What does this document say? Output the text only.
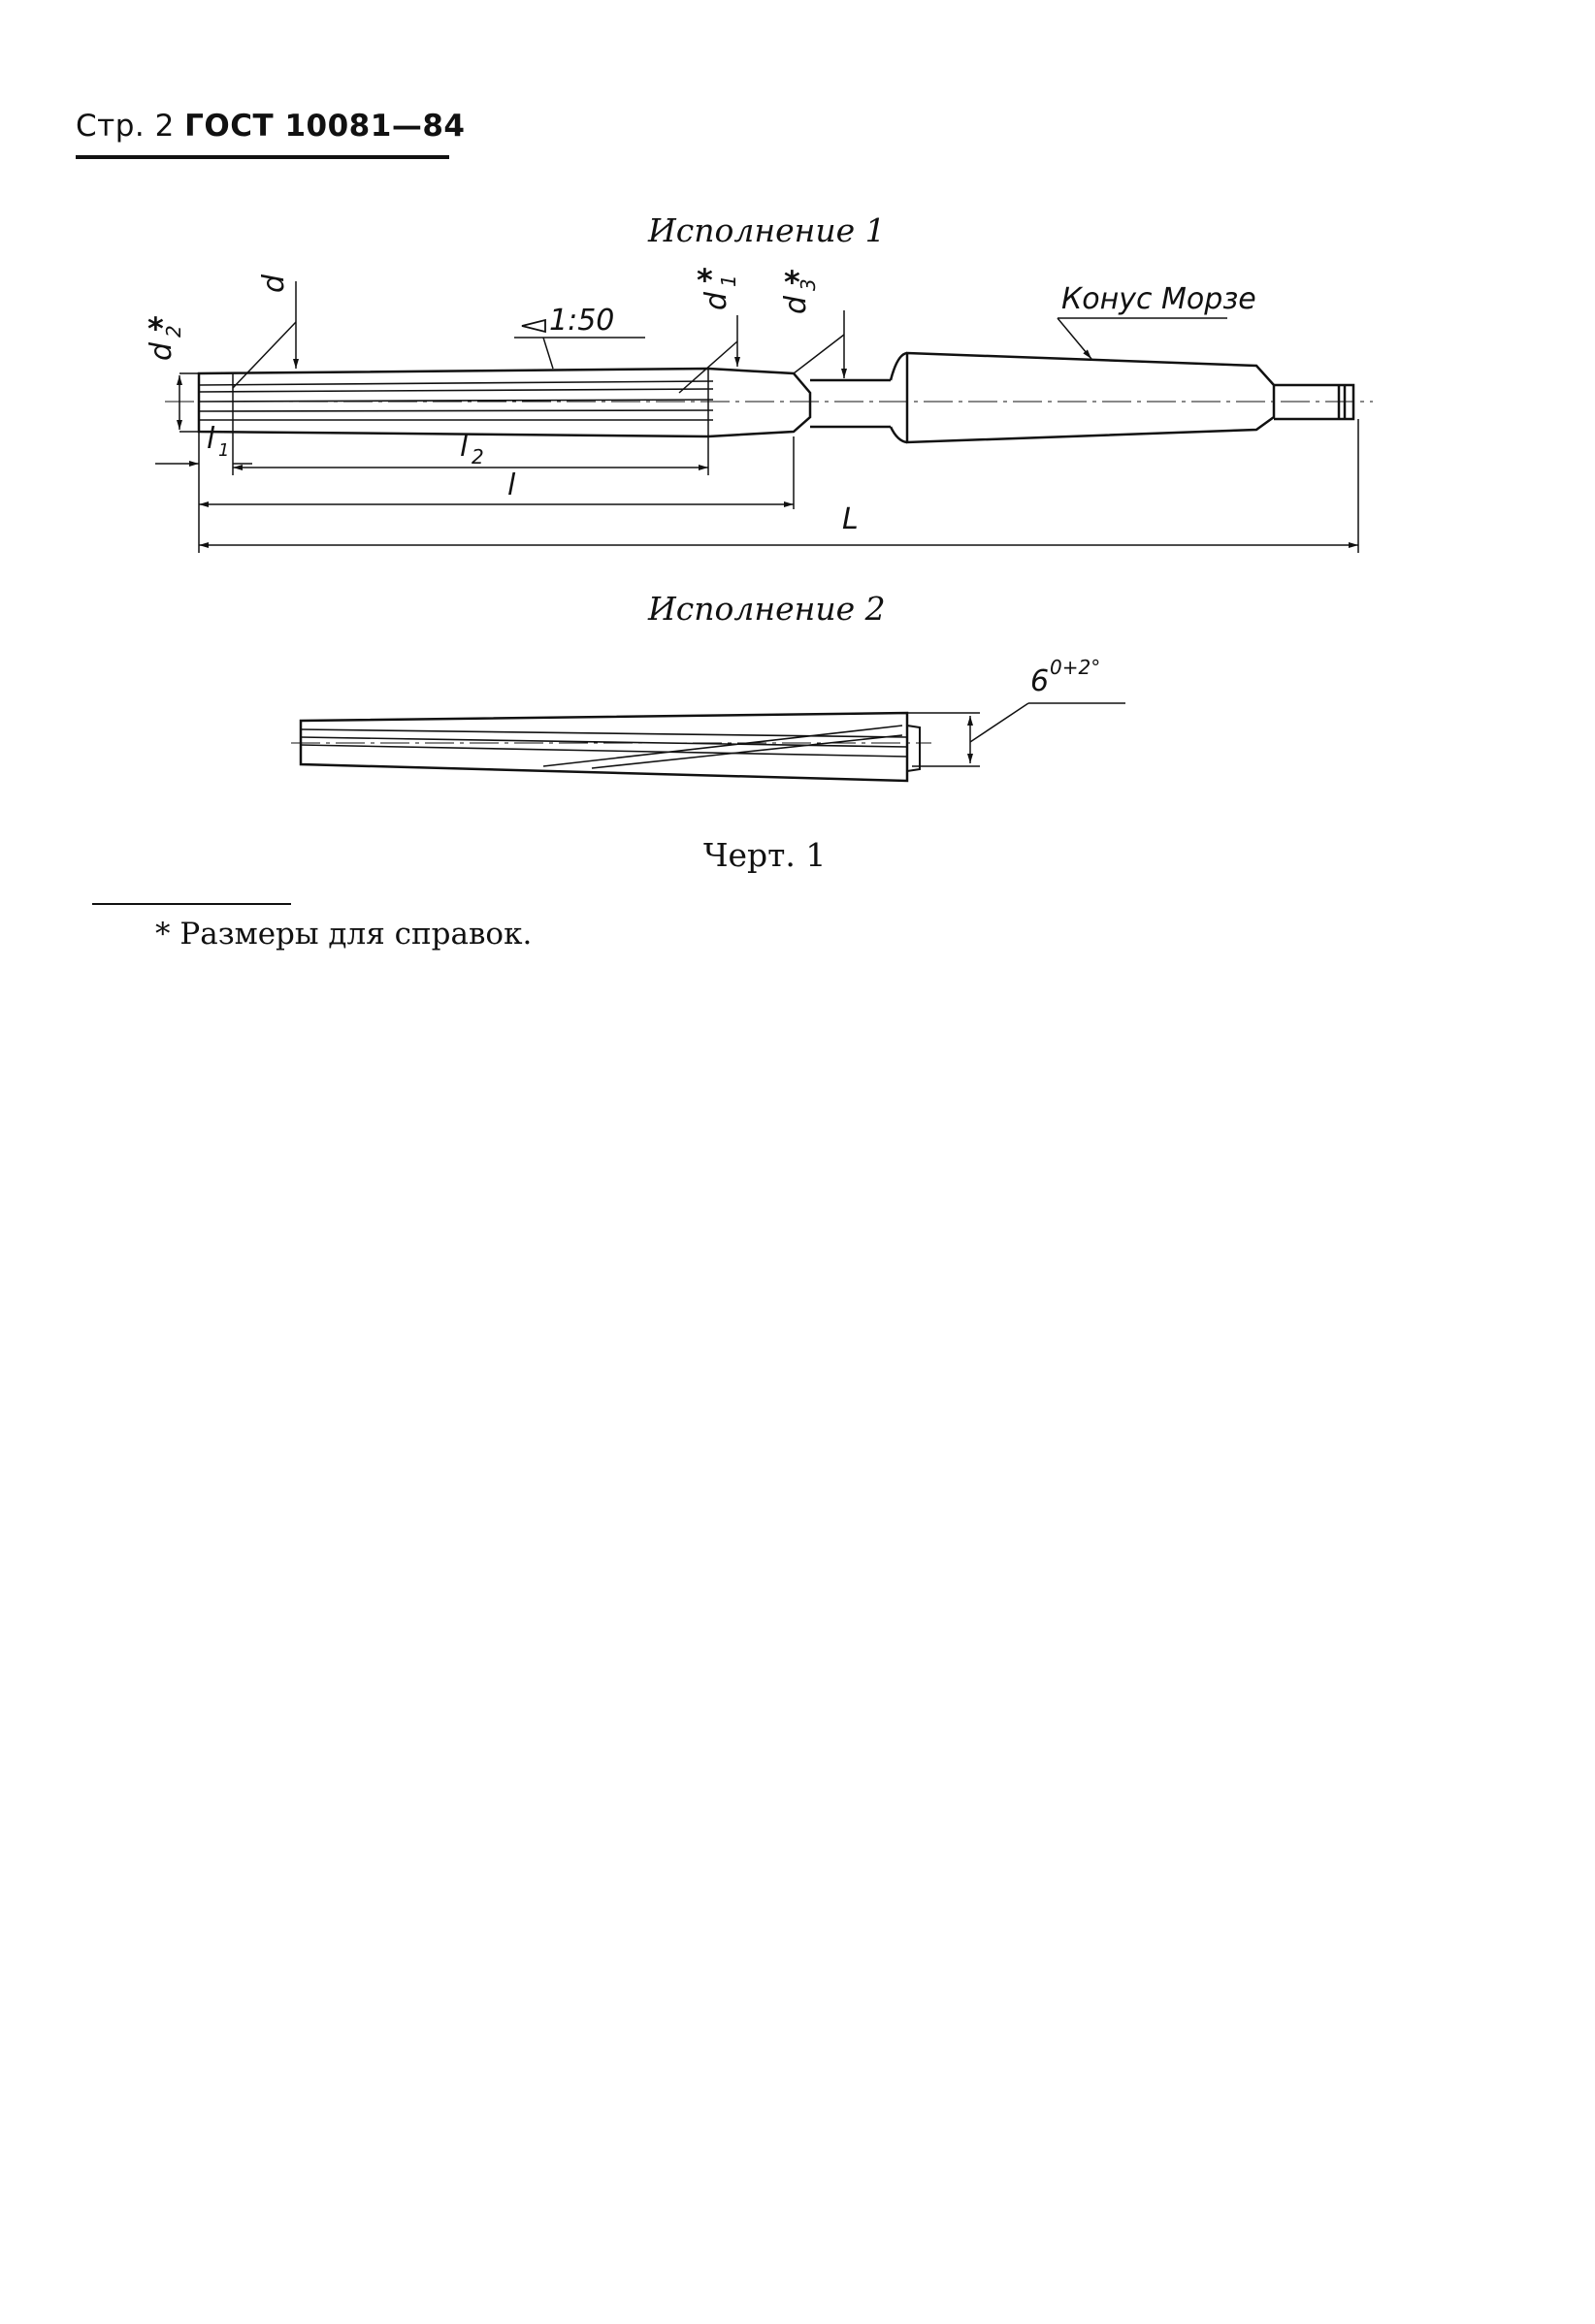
Стр. 2 ГОСТ 10081—84
Исполнение 1
Исполнение 2
d
d
2
*
d
1
*
d
3
*
1:50
Конус Морзе
l 1	l 2
l
L
6 0+2°
Черт. 1
* Размеры для справок.
